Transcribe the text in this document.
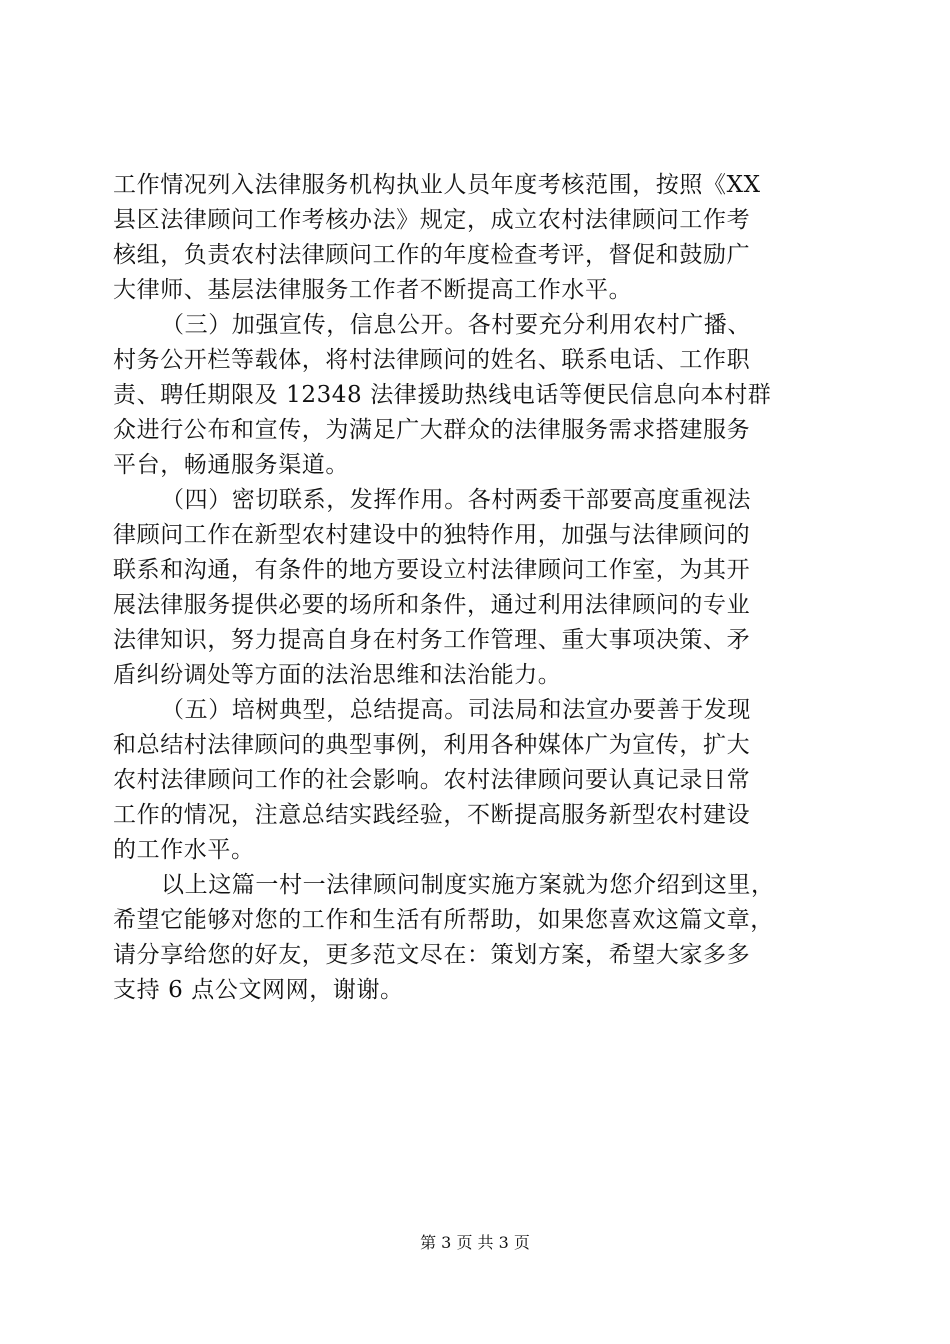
工作情况列入法律服务机构执业人员年度考核范围，按照《XX
县区法律顾问工作考核办法》规定，成立农村法律顾问工作考
核组，负责农村法律顾问工作的年度检查考评，督促和鼓励广
大律师、基层法律服务工作者不断提高工作水平。
（三）加强宣传，信息公开。各村要充分利用农村广播、
村务公开栏等载体，将村法律顾问的姓名、联系电话、工作职
责、聘任期限及 12348 法律援助热线电话等便民信息向本村群
众进行公布和宣传，为满足广大群众的法律服务需求搭建服务
平台，畅通服务渠道。
（四）密切联系，发挥作用。各村两委干部要高度重视法
律顾问工作在新型农村建设中的独特作用，加强与法律顾问的
联系和沟通，有条件的地方要设立村法律顾问工作室，为其开
展法律服务提供必要的场所和条件，通过利用法律顾问的专业
法律知识，努力提高自身在村务工作管理、重大事项决策、矛
盾纠纷调处等方面的法治思维和法治能力。
（五）培树典型，总结提高。司法局和法宣办要善于发现
和总结村法律顾问的典型事例，利用各种媒体广为宣传，扩大
农村法律顾问工作的社会影响。农村法律顾问要认真记录日常
工作的情况，注意总结实践经验，不断提高服务新型农村建设
的工作水平。
以上这篇一村一法律顾问制度实施方案就为您介绍到这里，
希望它能够对您的工作和生活有所帮助，如果您喜欢这篇文章，
请分享给您的好友，更多范文尽在：策划方案，希望大家多多
支持 6 点公文网网，谢谢。
第 3 页 共 3 页
